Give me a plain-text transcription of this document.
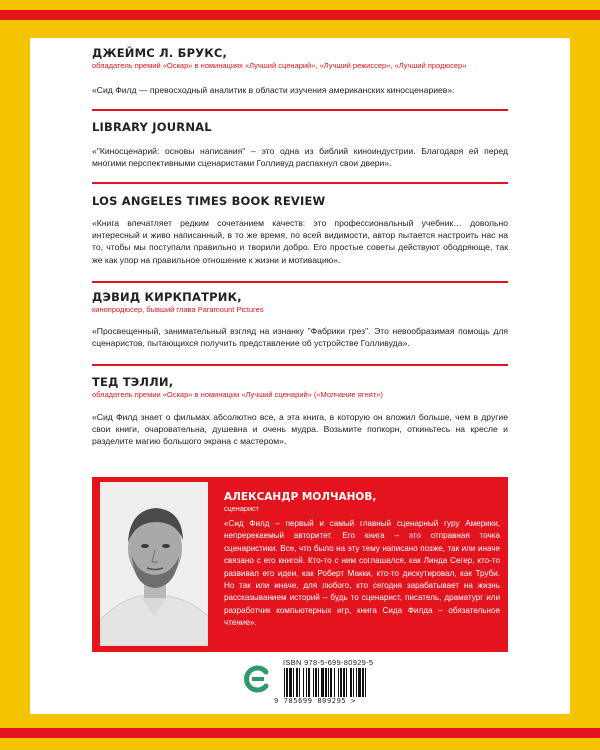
ДЖЕЙМС Л. БРУКС,
обладатель премий «Оскар» в номинациях «Лучший сценарий», «Лучший режиссер», «Лучший продюсер»
«Сид Филд — превосходный аналитик в области изучения американских киносценариев».
LIBRARY JOURNAL
«"Киносценарий: основы написания" – это одна из библий киноиндустрии. Благодаря ей перед многими перспективными сценаристами Голливуд распахнул свои двери».
LOS ANGELES TIMES BOOK REVIEW
«Книга впечатляет редким сочетанием качеств: это профессиональный учебник… довольно интересный и живо написанный, в то же время, по всей видимости, автор пытается настроить нас на то, чтобы мы поступали правильно и творили добро. Его простые советы действуют ободряюще, так же как упор на правильное отношение к жизни и мотивацию».
ДЭВИД КИРКПАТРИК,
кинопродюсер, бывший глава Paramount Pictures
«Просвещенный, занимательный взгляд на изнанку "Фабрики грез". Это невообразимая помощь для сценаристов, пытающихся получить представление об устройстве Голливуда».
ТЕД ТЭЛЛИ,
обладатель премии «Оскар» в номинации «Лучший сценарий» («Молчание ягнят»)
«Сид Филд знает о фильмах абсолютно все, а эта книга, в которую он вложил больше, чем в другие свои книги, очаровательна, душевна и очень мудра. Возьмите попкорн, откиньтесь на кресле и разделите магию большого экрана с мастером».
АЛЕКСАНДР МОЛЧАНОВ,
сценарист
«Сид Филд – первый и самый главный сценарный гуру Америки, непререкаемый авторитет. Его книга – это отправная точка сценаристики. Все, что было на эту тему написано позже, так или иначе связано с его книгой. Кто-то с ним соглашался, как Линда Сегер, кто-то развивал его идеи, как Роберт Макки, кто-то дискутировал, как Труби. Но так или иначе, для любого, кто сегодня зарабатывает на жизнь рассказыванием историй – будь то сценарист, писатель, драматург или разработчик компьютерных игр, книга Сида Филда – обязательное чтение».
ISBN 978-5-699-80929-5
9 785699 809295 >
